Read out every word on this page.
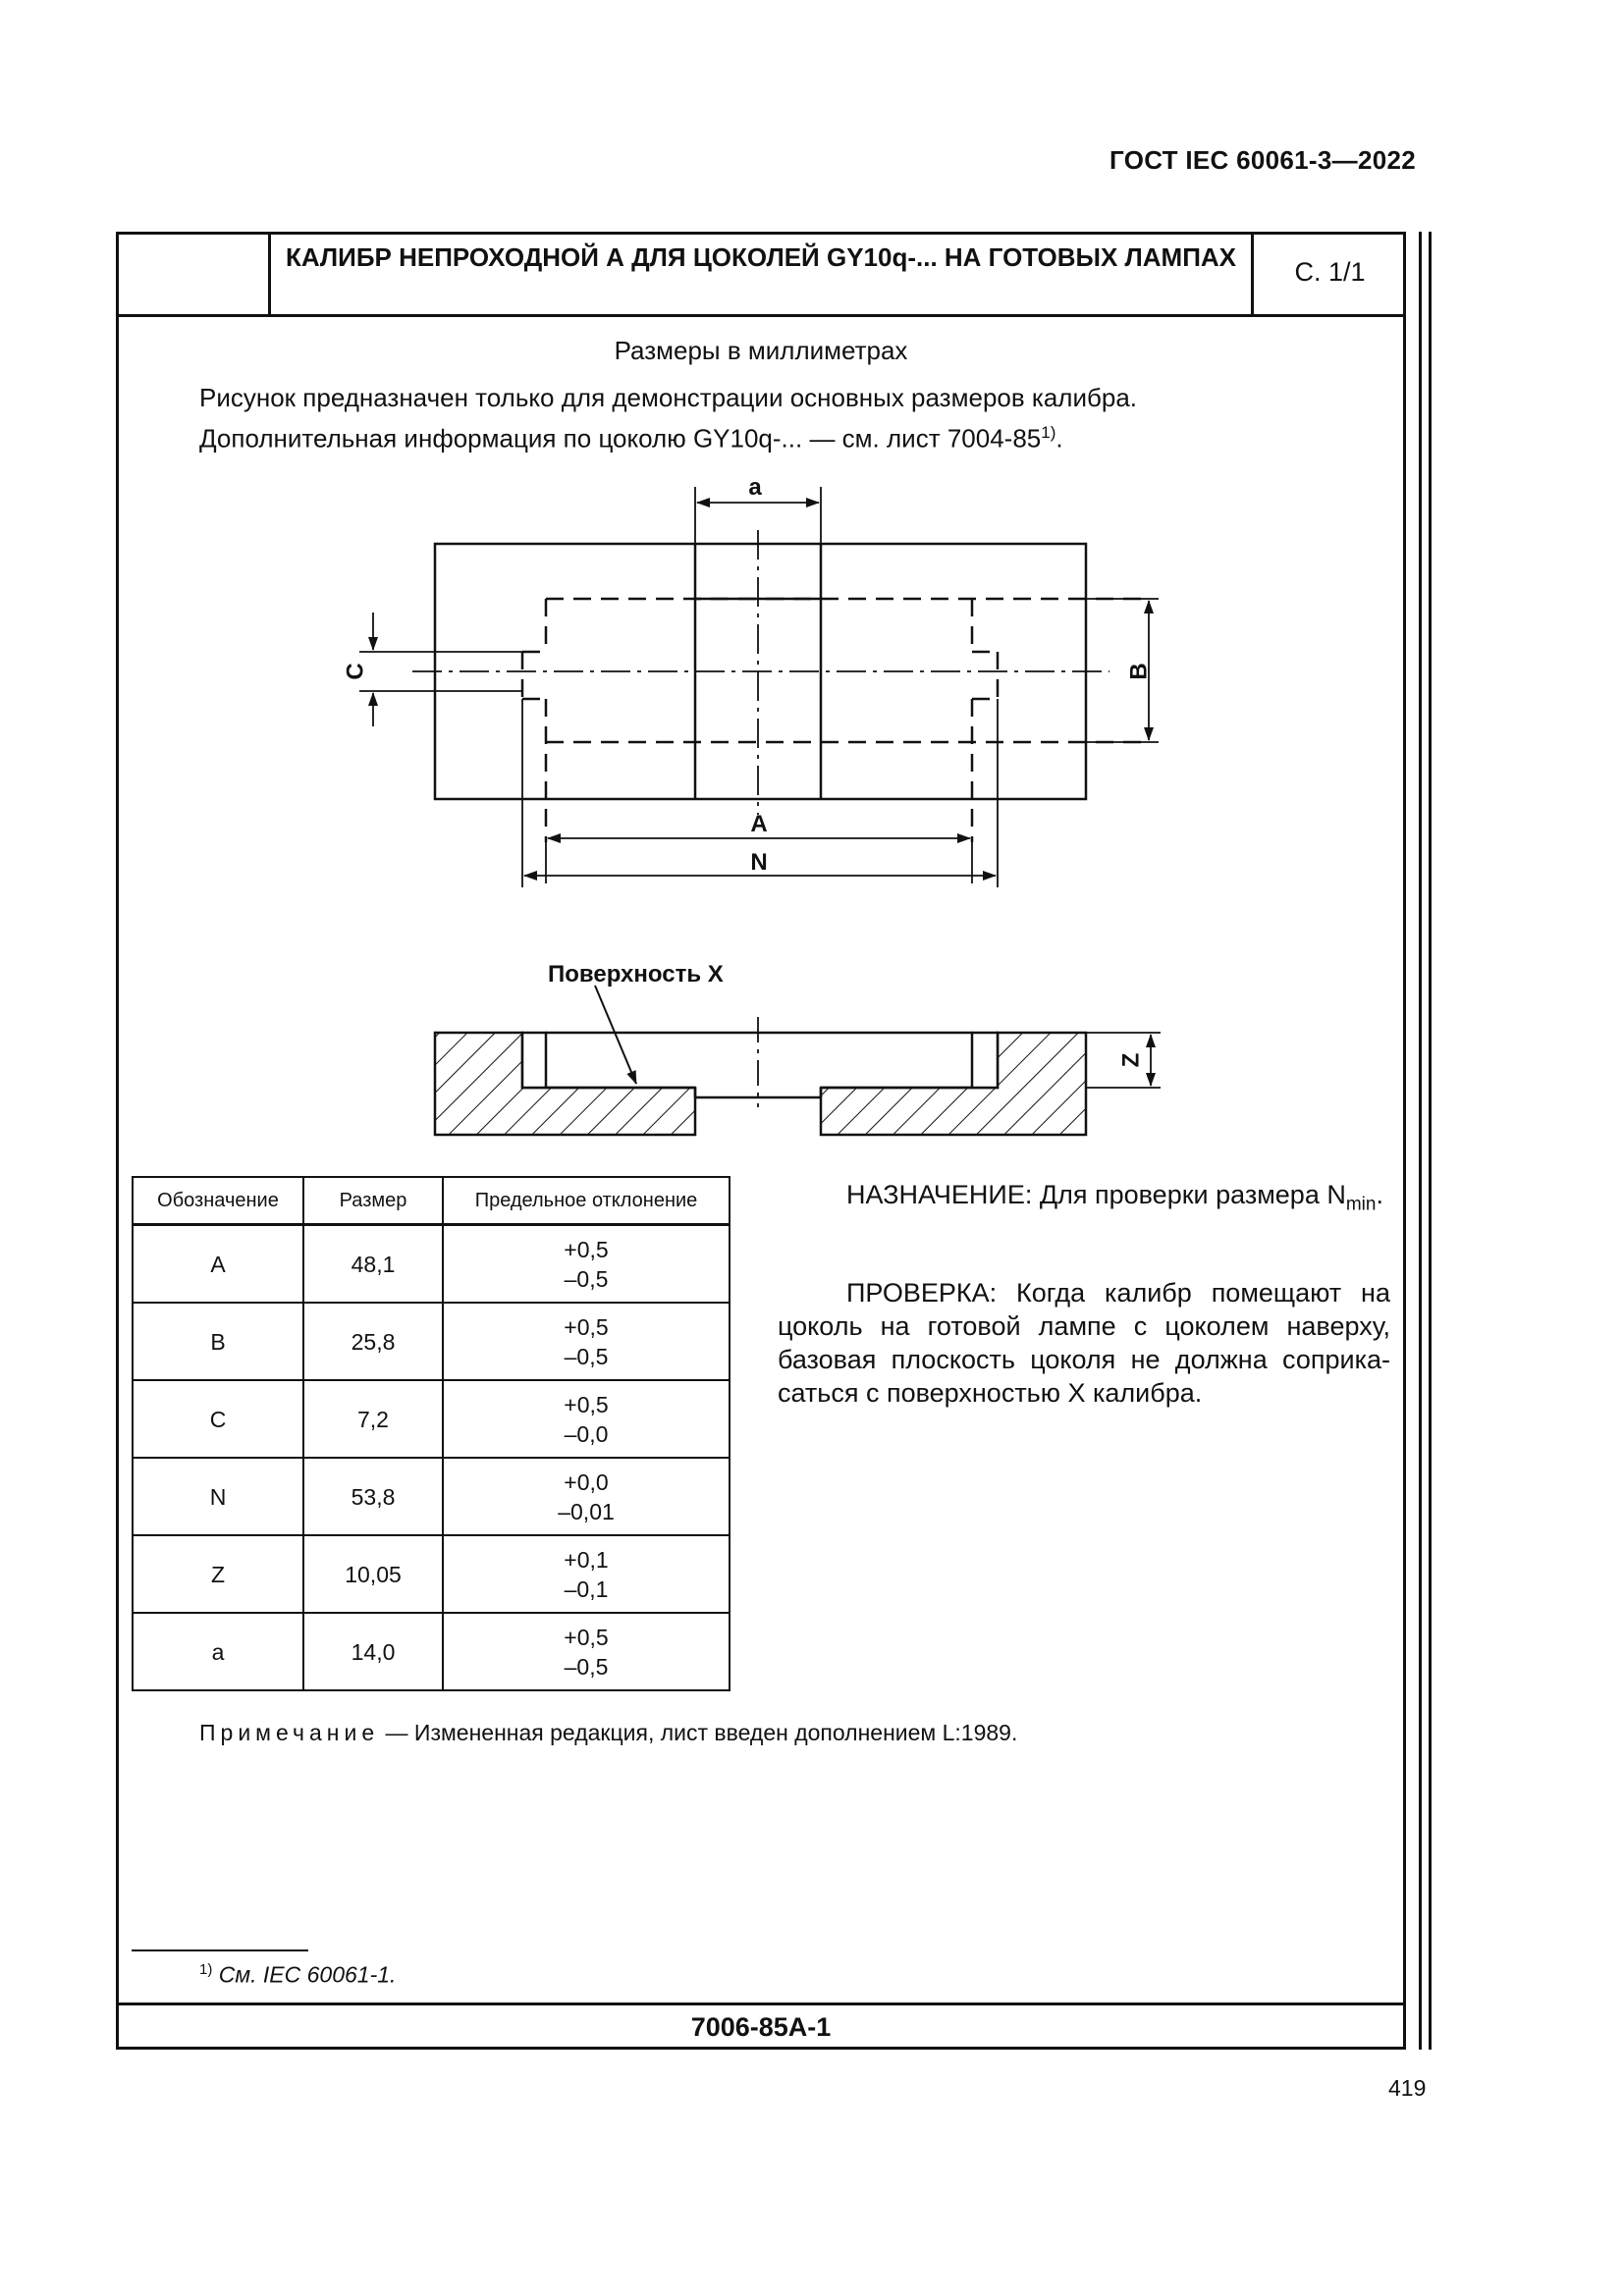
ГОСТ IEC 60061-3—2022
КАЛИБР НЕПРОХОДНОЙ А ДЛЯ ЦОКОЛЕЙ GY10q-... НА ГОТОВЫХ ЛАМПАХ	С. 1/1
Размеры в миллиметрах
Рисунок предназначен только для демонстрации основных размеров калибра.
Дополнительная информация по цоколю GY10q-... — см. лист 7004-85$^{1)}$.
a
B
C
A
N
Поверхность X
Z
Обозначение	Размер	Предельное отклонение
A	48,1	+0,5
–0,5
B	25,8	+0,5
–0,5
C	7,2	+0,5
–0,0
N	53,8	+0,0
–0,01
Z	10,05	+0,1
–0,1
a	14,0	+0,5
–0,5

НАЗНАЧЕНИЕ: Для проверки размера $N_{min}$.

ПРОВЕРКА: Когда калибр помещают на цоколь на готовой лампе с цоколем наверху, базовая плоскость цоколя не должна соприкасаться с поверхностью X калибра.

Примечание — Измененная редакция, лист введен дополнением L:1989.
$^{1)}$ См. IEC 60061-1.
7006-85A-1
419
